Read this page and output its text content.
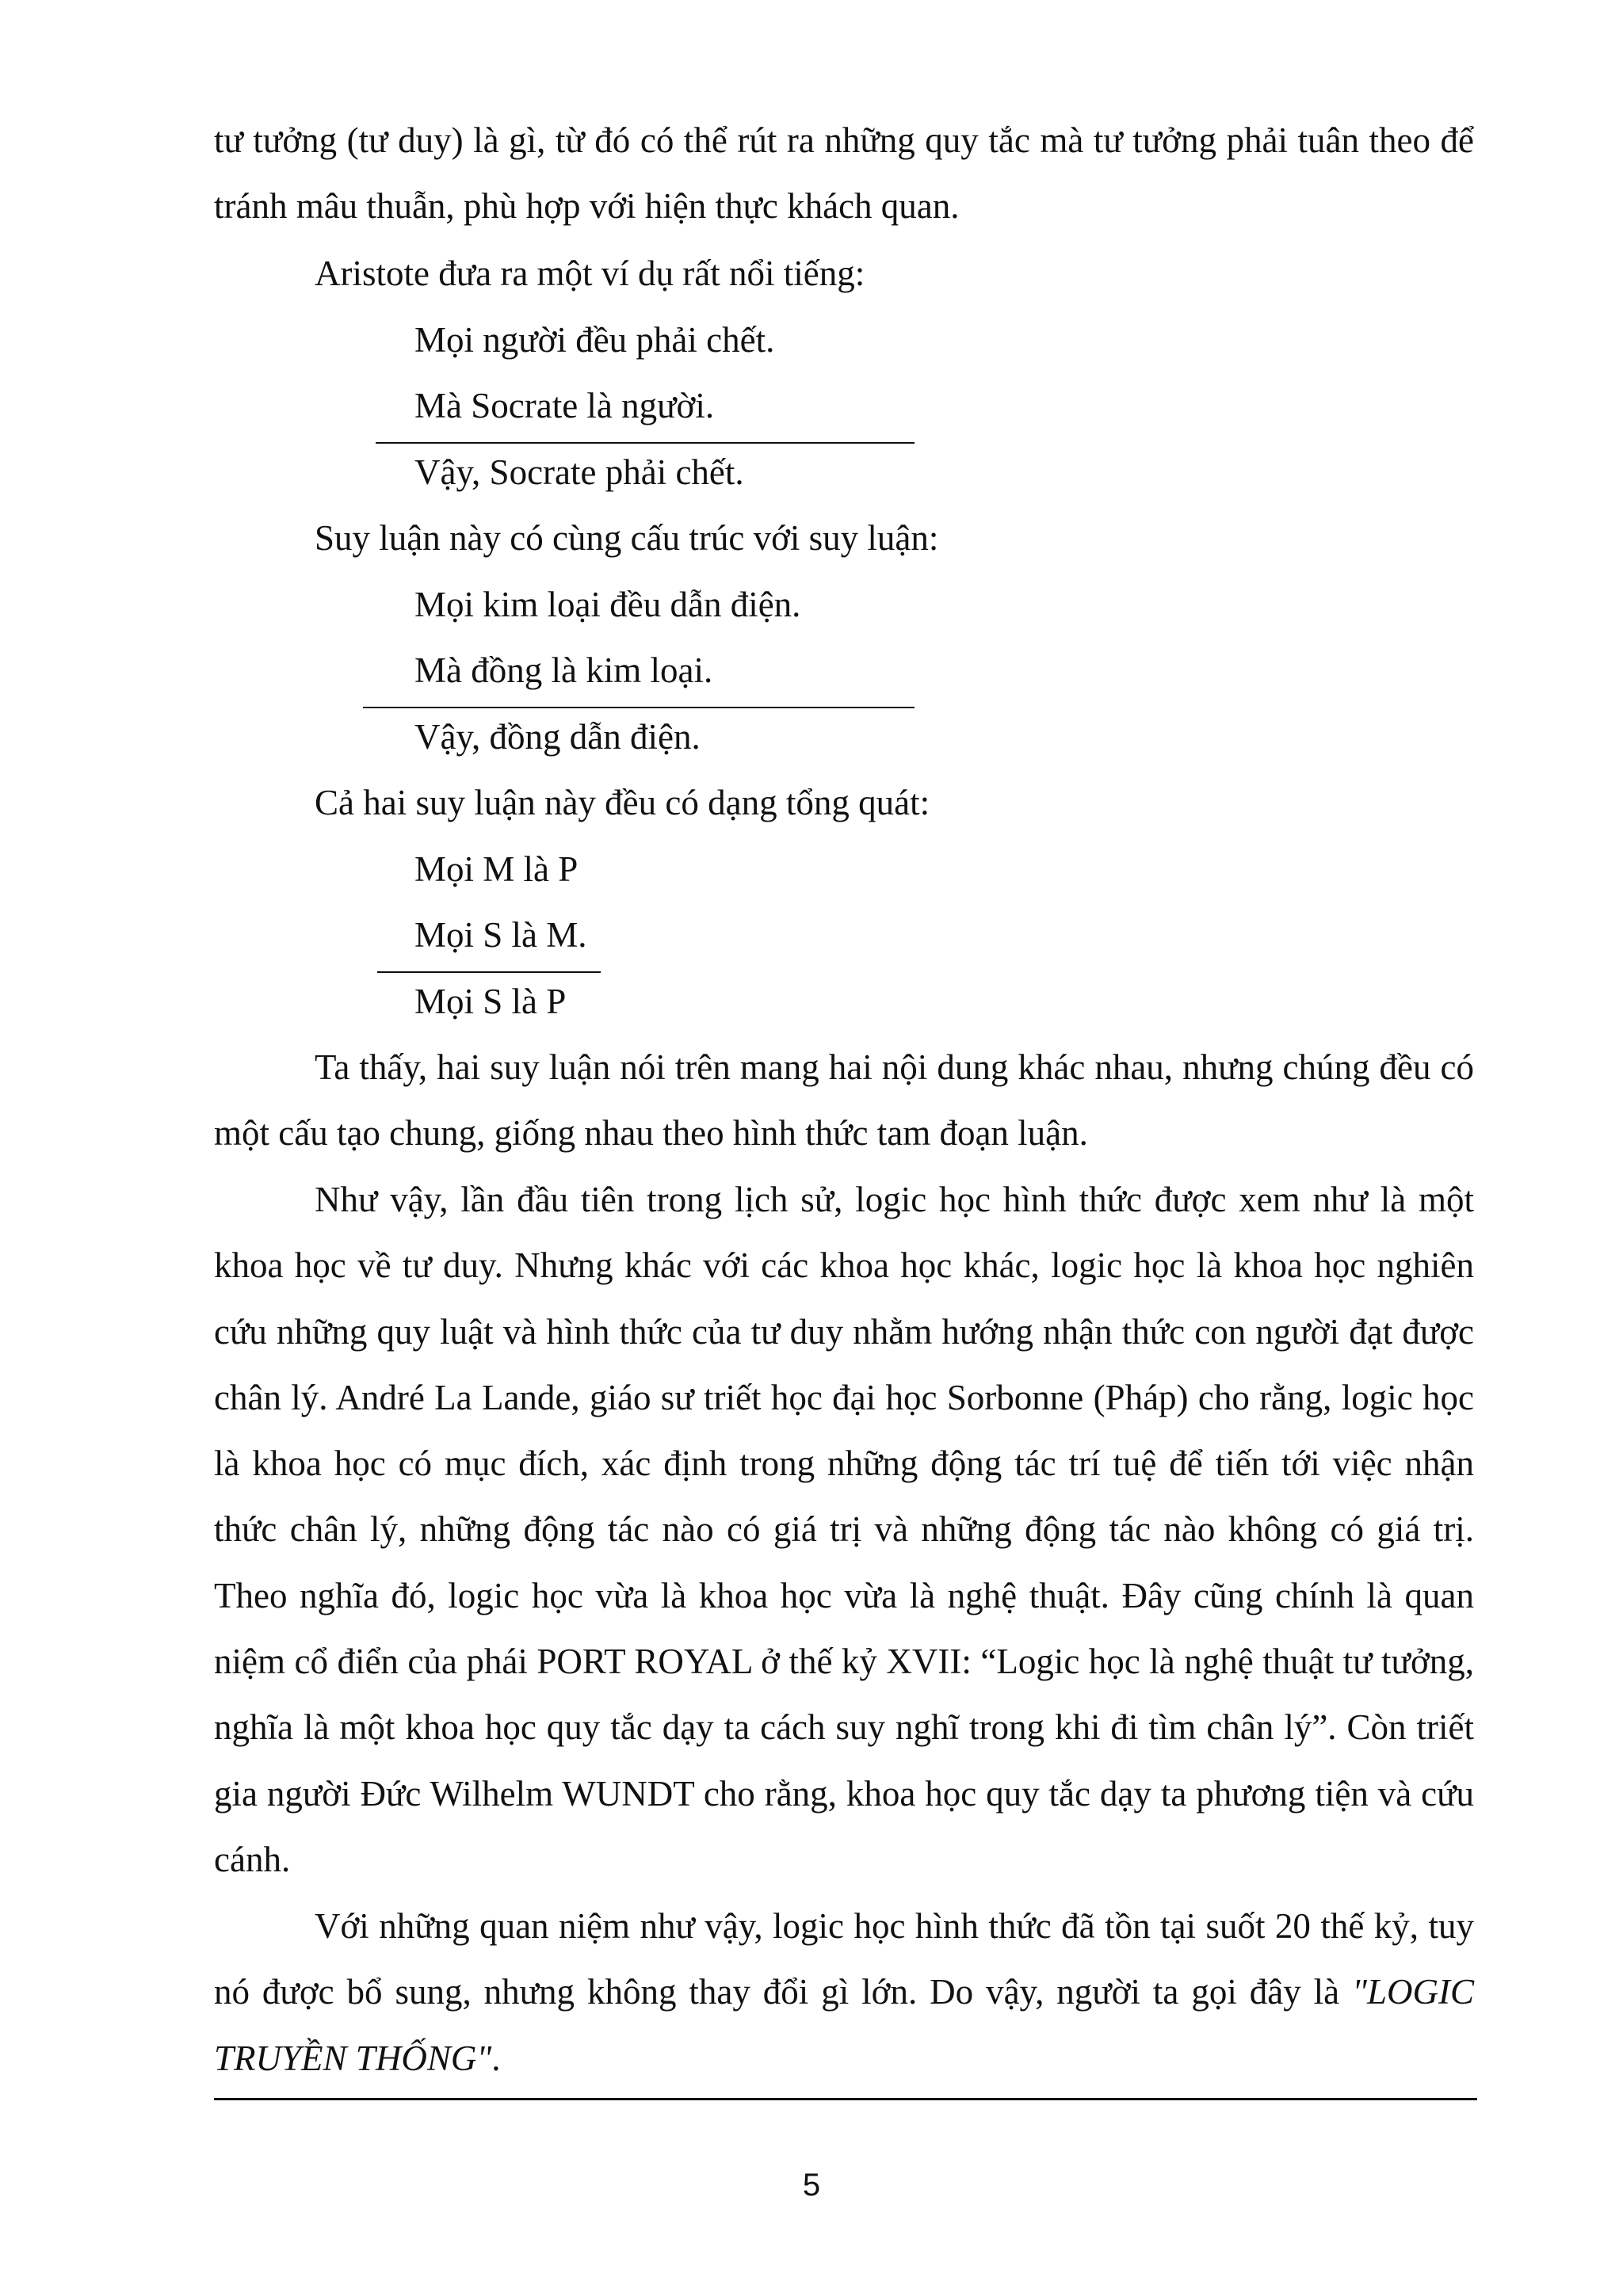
tư tưởng (tư duy) là gì, từ đó có thể rút ra những quy tắc mà tư tưởng phải tuân theo để tránh mâu thuẫn, phù hợp với hiện thực khách quan.

Aristote đưa ra một ví dụ rất nổi tiếng:

Mọi người đều phải chết.

Mà Socrate là người.

Vậy, Socrate phải chết.

Suy luận này có cùng cấu trúc với suy luận:

Mọi kim loại đều dẫn điện.

Mà đồng là kim loại.

Vậy, đồng dẫn điện.

Cả hai suy luận này đều có dạng tổng quát:

Mọi M là P

Mọi S là M.

Mọi S là P

Ta thấy, hai suy luận nói trên mang hai nội dung khác nhau, nhưng chúng đều có một cấu tạo chung, giống nhau theo hình thức tam đoạn luận.

Như vậy, lần đầu tiên trong lịch sử, logic học hình thức được xem như là một khoa học về tư duy. Nhưng khác với các khoa học khác, logic học là khoa học nghiên cứu những quy luật và hình thức của tư duy nhằm hướng nhận thức con người đạt được chân lý. André La Lande, giáo sư triết học đại học Sorbonne (Pháp) cho rằng, logic học là khoa học có mục đích, xác định trong những động tác trí tuệ để tiến tới việc nhận thức chân lý, những động tác nào có giá trị và những động tác nào không có giá trị. Theo nghĩa đó, logic học vừa là khoa học vừa là nghệ thuật. Đây cũng chính là quan niệm cổ điển của phái PORT ROYAL ở thế kỷ XVII: “Logic học là nghệ thuật tư tưởng, nghĩa là một khoa học quy tắc dạy ta cách suy nghĩ trong khi đi tìm chân lý”. Còn triết gia người Đức Wilhelm WUNDT cho rằng, khoa học quy tắc dạy ta phương tiện và cứu cánh.

Với những quan niệm như vậy, logic học hình thức đã tồn tại suốt 20 thế kỷ, tuy nó được bổ sung, nhưng không thay đổi gì lớn. Do vậy, người ta gọi đây là "LOGIC TRUYỀN THỐNG".

5
